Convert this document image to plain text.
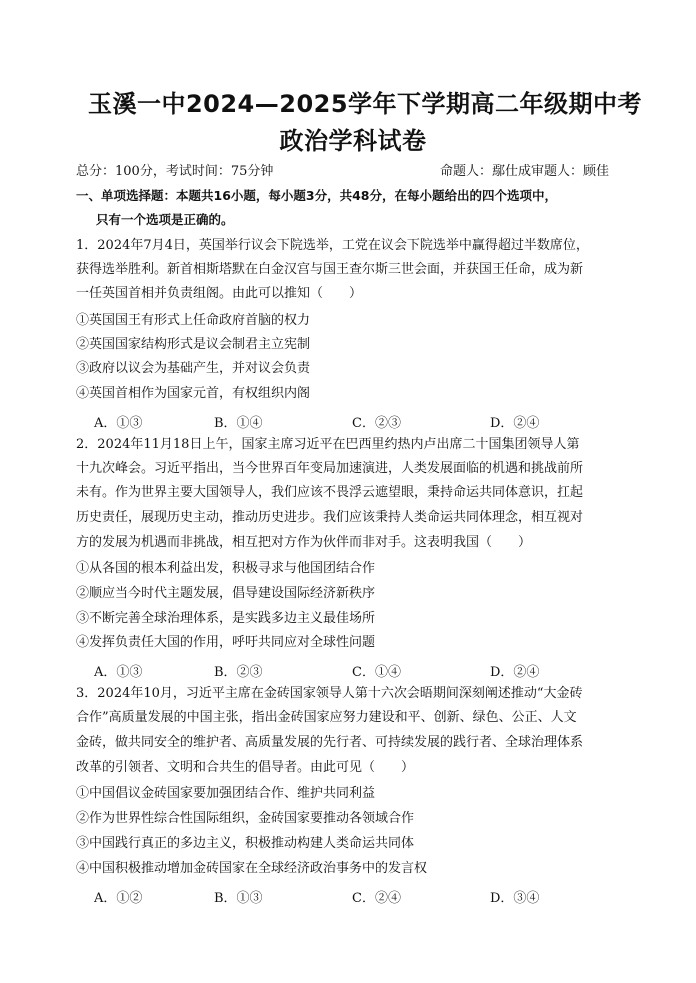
玉溪一中2024—2025学年下学期高二年级期中考
政治学科试卷
总分：100分，考试时间：75分钟	命题人：鄢仕成 审题人：顾佳
一、单项选择题：本题共16小题，每小题3分，共48分，在每小题给出的四个选项中，
只有一个选项是正确的。
1．2024年7月4日，英国举行议会下院选举，工党在议会下院选举中赢得超过半数席位，
获得选举胜利。新首相斯塔默在白金汉宫与国王查尔斯三世会面，并获国王任命，成为新
一任英国首相并负责组阁。由此可以推知（　　）
①英国国王有形式上任命政府首脑的权力
②英国国家结构形式是议会制君主立宪制
③政府以议会为基础产生，并对议会负责
④英国首相作为国家元首，有权组织内阁
A．①③	B．①④	C．②③	D．②④
2．2024年11月18日上午，国家主席习近平在巴西里约热内卢出席二十国集团领导人第
十九次峰会。习近平指出，当今世界百年变局加速演进，人类发展面临的机遇和挑战前所
未有。作为世界主要大国领导人，我们应该不畏浮云遮望眼，秉持命运共同体意识，扛起
历史责任，展现历史主动，推动历史进步。我们应该秉持人类命运共同体理念，相互视对
方的发展为机遇而非挑战，相互把对方作为伙伴而非对手。这表明我国（　　）
①从各国的根本利益出发，积极寻求与他国团结合作
②顺应当今时代主题发展，倡导建设国际经济新秩序
③不断完善全球治理体系，是实践多边主义最佳场所
④发挥负责任大国的作用，呼吁共同应对全球性问题
A．①③	B．②③	C．①④	D．②④
3．2024年10月，习近平主席在金砖国家领导人第十六次会晤期间深刻阐述推动“大金砖
合作”高质量发展的中国主张，指出金砖国家应努力建设和平、创新、绿色、公正、人文
金砖，做共同安全的维护者、高质量发展的先行者、可持续发展的践行者、全球治理体系
改革的引领者、文明和合共生的倡导者。由此可见（　　）
①中国倡议金砖国家要加强团结合作、维护共同利益
②作为世界性综合性国际组织，金砖国家要推动各领域合作
③中国践行真正的多边主义，积极推动构建人类命运共同体
④中国积极推动增加金砖国家在全球经济政治事务中的发言权
A．①②	B．①③	C．②④	D．③④
